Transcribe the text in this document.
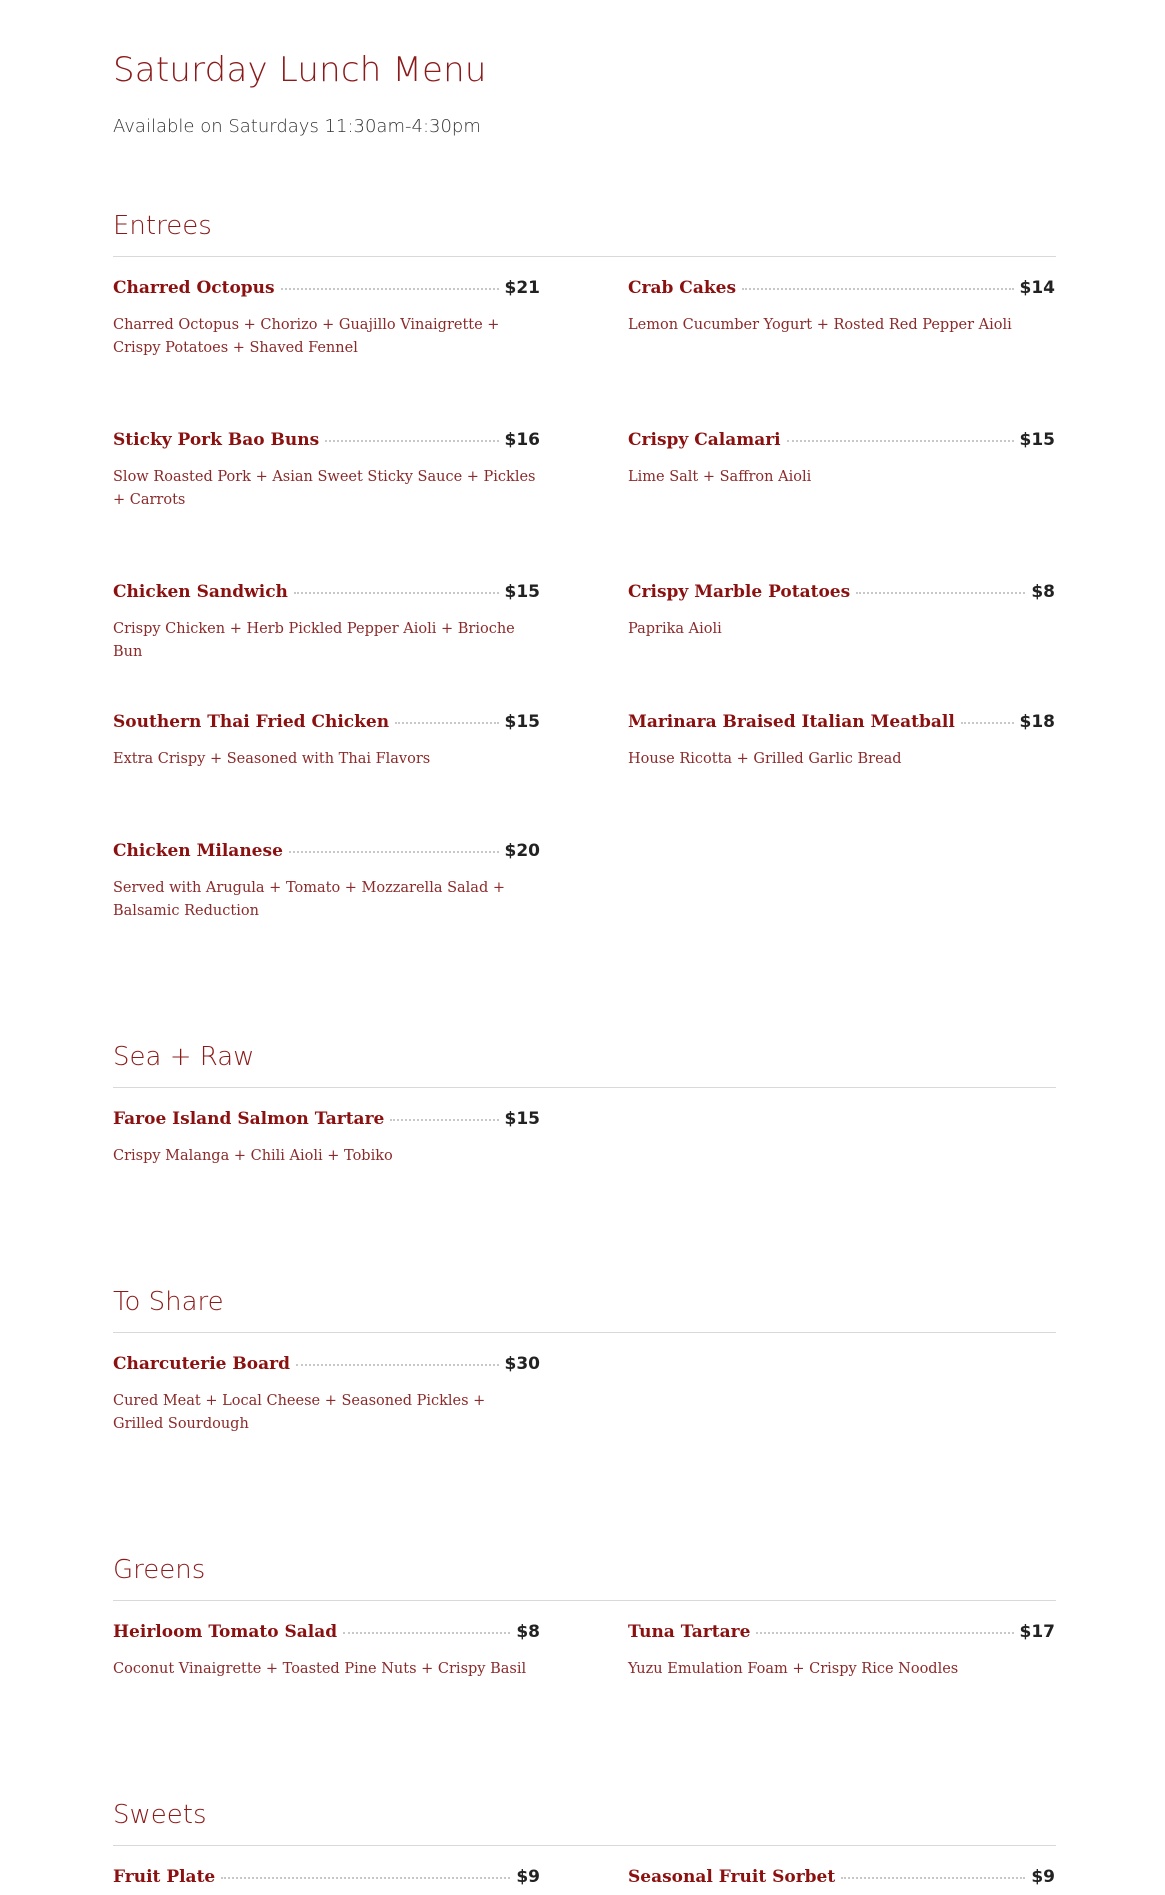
Saturday Lunch Menu

Available on Saturdays 11:30am-4:30pm

Entrees
Charred Octopus	$21
Charred Octopus + Chorizo + Guajillo Vinaigrette + Crispy Potatoes + Shaved Fennel
Crab Cakes	$14
Lemon Cucumber Yogurt + Rosted Red Pepper Aioli
Sticky Pork Bao Buns	$16
Slow Roasted Pork + Asian Sweet Sticky Sauce + Pickles + Carrots
Crispy Calamari	$15
Lime Salt + Saffron Aioli
Chicken Sandwich	$15
Crispy Chicken + Herb Pickled Pepper Aioli + Brioche Bun
Crispy Marble Potatoes	$8
Paprika Aioli
Southern Thai Fried Chicken	$15
Extra Crispy + Seasoned with Thai Flavors
Marinara Braised Italian Meatball	$18
House Ricotta + Grilled Garlic Bread
Chicken Milanese	$20
Served with Arugula + Tomato + Mozzarella Salad + Balsamic Reduction
Sea + Raw
Faroe Island Salmon Tartare	$15
Crispy Malanga + Chili Aioli + Tobiko
To Share
Charcuterie Board	$30
Cured Meat + Local Cheese + Seasoned Pickles + Grilled Sourdough
Greens
Heirloom Tomato Salad	$8
Coconut Vinaigrette + Toasted Pine Nuts + Crispy Basil
Tuna Tartare	$17
Yuzu Emulation Foam + Crispy Rice Noodles
Sweets
Fruit Plate	$9	Seasonal Fruit Sorbet	$9
